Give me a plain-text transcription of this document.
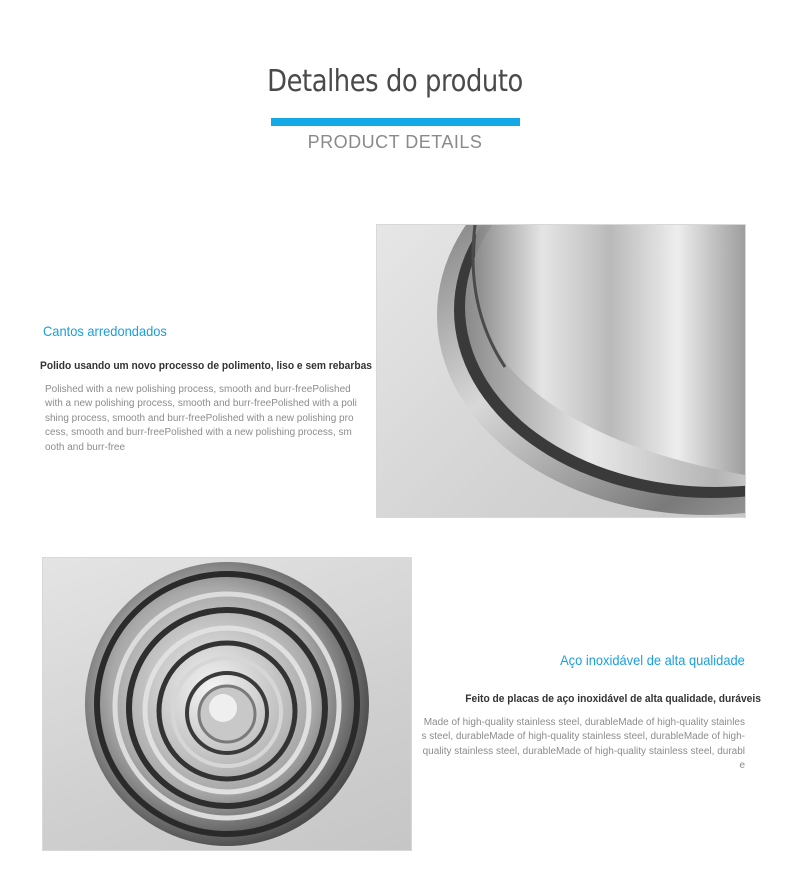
Detalhes do produto
PRODUCT DETAILS
Cantos arredondados
Polido usando um novo processo de polimento, liso e sem rebarbas
Polished with a new polishing process, smooth and burr-freePolished with a new polishing process, smooth and burr-freePolished with a polishing process, smooth and burr-freePolished with a new polishing process, smooth and burr-freePolished with a new polishing process, smooth and burr-free
Aço inoxidável de alta qualidade
Feito de placas de aço inoxidável de alta qualidade, duráveis
Made of high-quality stainless steel, durableMade of high-quality stainless steel, durableMade of high-quality stainless steel, durableMade of high-quality stainless steel, durableMade of high-quality stainless steel, durable
